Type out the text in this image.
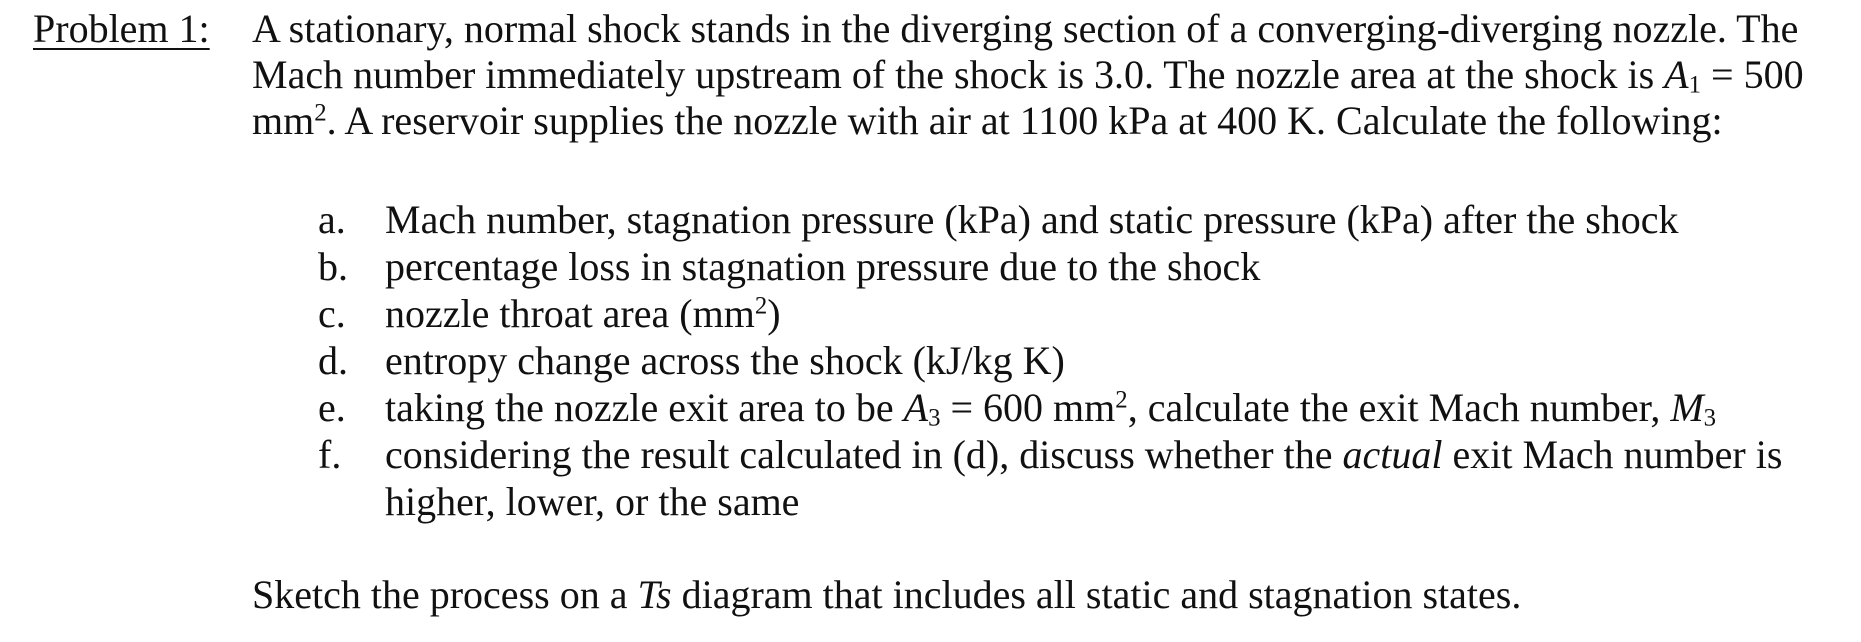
Problem 1: A stationary, normal shock stands in the diverging section of a converging-diverging nozzle. The
Mach number immediately upstream of the shock is 3.0. The nozzle area at the shock is A1 = 500
$mm^2$. A reservoir supplies the nozzle with air at 1100 kPa at 400 K. Calculate the following:
a. Mach number, stagnation pressure (kPa) and static pressure (kPa) after the shock
b. percentage loss in stagnation pressure due to the shock
c. nozzle throat area $(mm^2)$
d. entropy change across the shock (kJ/kg K)
e. taking the nozzle exit area to be A3 = 600 $mm^2$, calculate the exit Mach number, M3
f. considering the result calculated in (d), discuss whether the actual exit Mach number is
higher, lower, or the same
Sketch the process on a Ts diagram that includes all static and stagnation states.
